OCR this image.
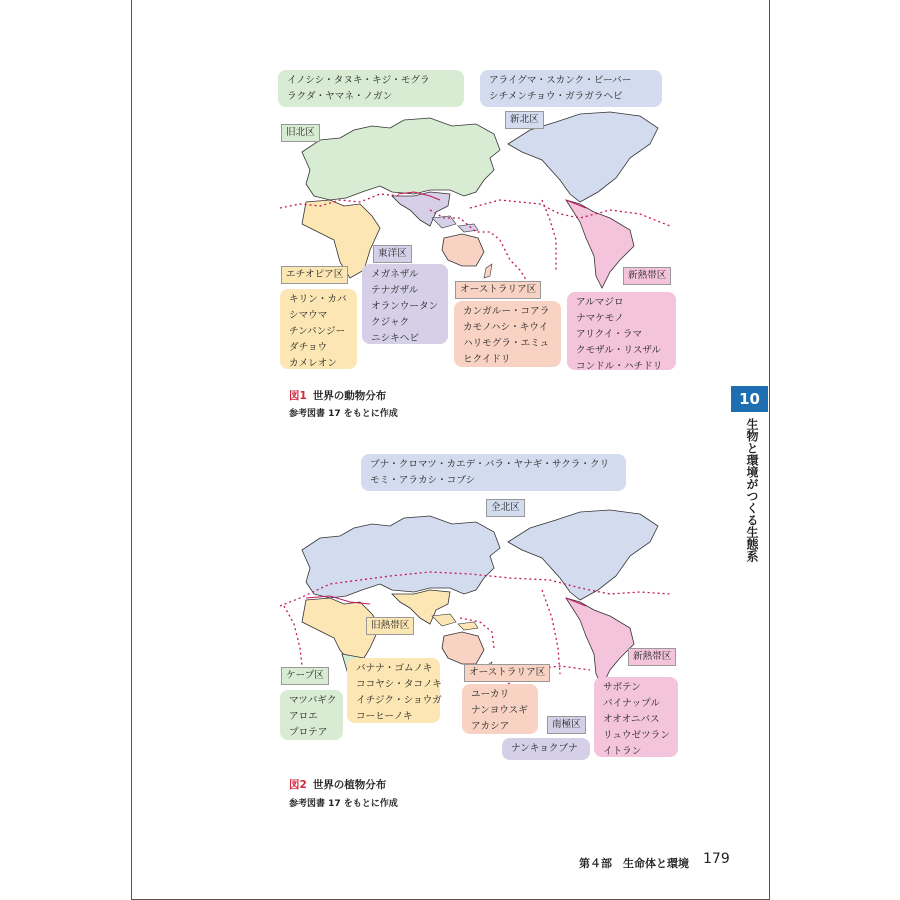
イノシシ・タヌキ・キジ・モグラ
ラクダ・ヤマネ・ノガン
アライグマ・スカンク・ビーバー
シチメンチョウ・ガラガラヘビ
旧北区
新北区
東洋区
エチオピア区
オーストラリア区
新熱帯区
メガネザル
テナガザル
オランウータン
クジャク
ニシキヘビ
キリン・カバ
シマウマ
チンパンジー
ダチョウ
カメレオン
カンガルー・コアラ
カモノハシ・キウイ
ハリモグラ・エミュ
ヒクイドリ
アルマジロ
ナマケモノ
アリクイ・ラマ
クモザル・リスザル
コンドル・ハチドリ
図1 世界の動物分布
参考図書 17 をもとに作成
ブナ・クロマツ・カエデ・バラ・ヤナギ・サクラ・クリ
モミ・アラカシ・コブシ
全北区
旧熱帯区
ケープ区	オーストラリア区
南極区
新熱帯区
バナナ・ゴムノキ
ココヤシ・タコノキ
イチジク・ショウガ
コーヒーノキ
マツバギク
アロエ
プロテア
ユーカリ
ナンヨウスギ
アカシア
ナンキョクブナ
サボテン
パイナップル
オオオニバス
リュウゼツラン
イトラン
図2 世界の植物分布
参考図書 17 をもとに作成
10
生物と環境がつくる生態系
第４部　生命体と環境 179
